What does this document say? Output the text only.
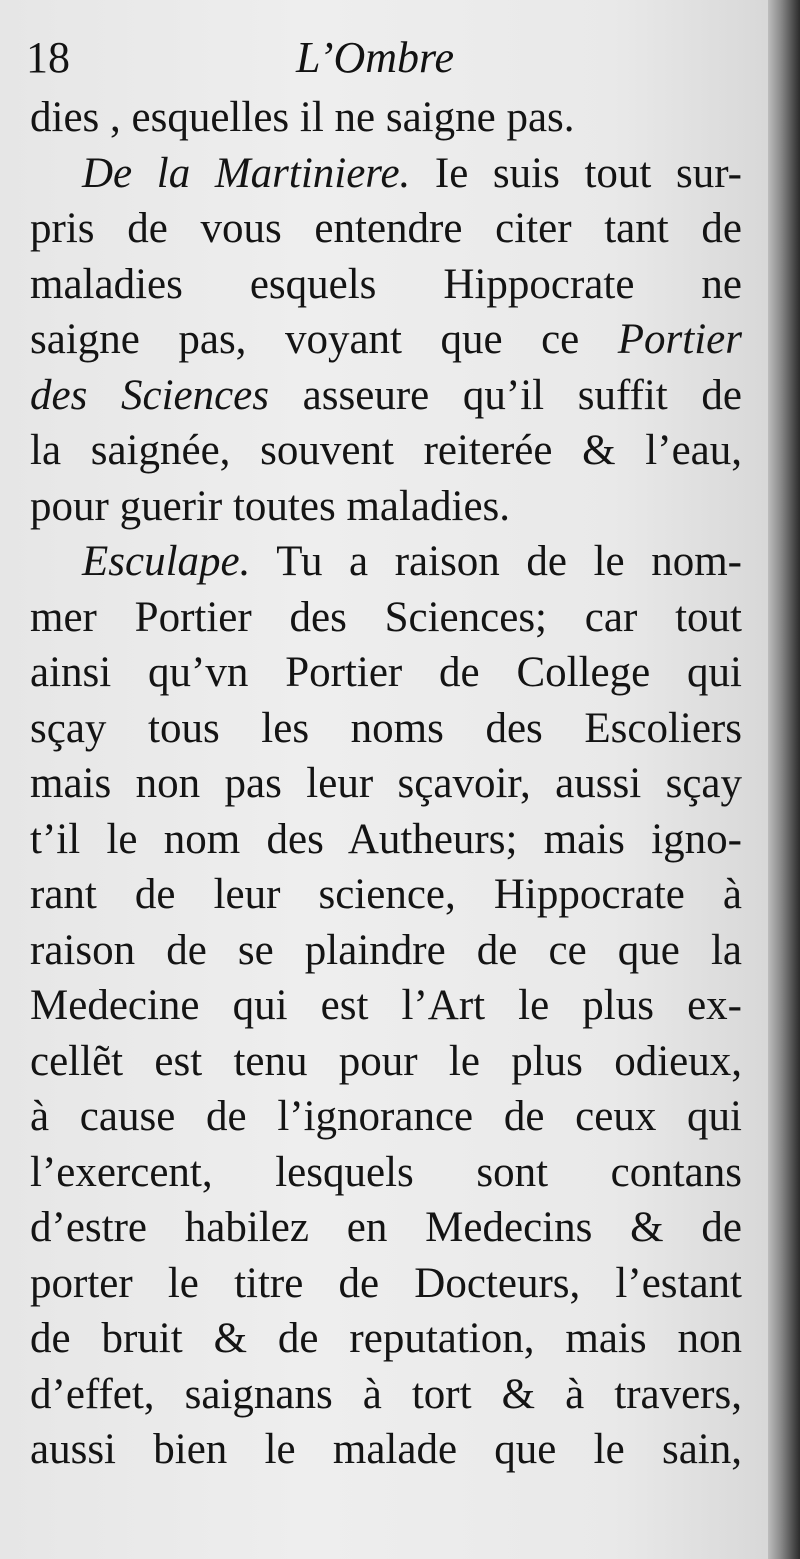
18	L’Ombre
dies , esquelles il ne saigne pas.
De la Martiniere. Ie suis tout sur-
pris de vous entendre citer tant de
maladies esquels Hippocrate ne
saigne pas, voyant que ce Portier
des Sciences asseure qu’il suffit de
la saignée, souvent reiterée & l’eau,
pour guerir toutes maladies.
Esculape. Tu a raison de le nom-
mer Portier des Sciences; car tout
ainsi qu’vn Portier de College qui
sçay tous les noms des Escoliers
mais non pas leur sçavoir, aussi sçay
t’il le nom des Autheurs; mais igno-
rant de leur science, Hippocrate à
raison de se plaindre de ce que la
Medecine qui est l’Art le plus ex-
cellẽt est tenu pour le plus odieux,
à cause de l’ignorance de ceux qui
l’exercent, lesquels sont contans
d’estre habilez en Medecins & de
porter le titre de Docteurs, l’estant
de bruit & de reputation, mais non
d’effet, saignans à tort & à travers,
aussi bien le malade que le sain,
